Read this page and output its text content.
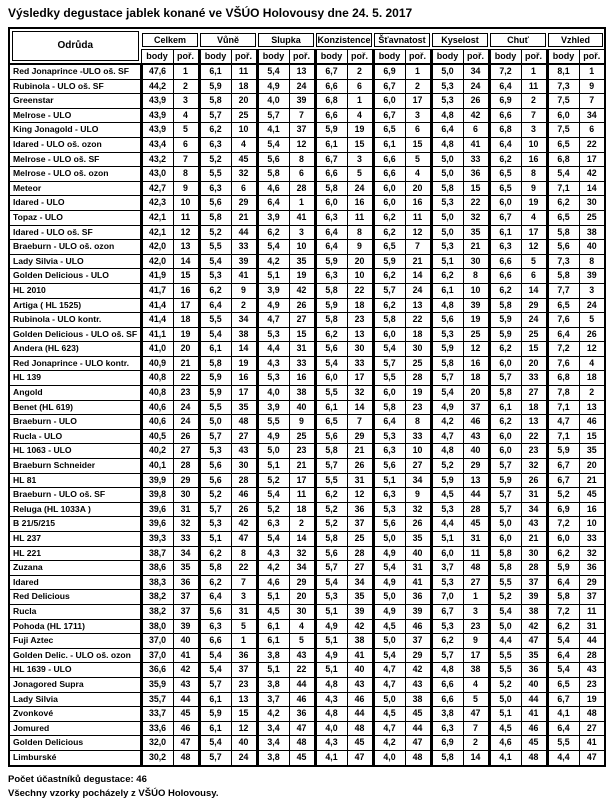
Výsledky degustace jablek konané ve VŠÚO Holovousy dne 24. 5. 2017
Odrůda	Celkem		Vůně		Slupka		Konzistence		Šťavnatost		Kyselost		Chuť		Vzhled	

	body	poř.	body	poř.	body	poř.	body	poř.	body	poř.	body	poř.	body	poř.	body	poř.
Red Jonaprince -ULO oš. SF	47,6	1	6,1	11	5,4	13	6,7	2	6,9	1	5,0	34	7,2	1	8,1	1
Rubinola - ULO oš. SF	44,2	2	5,9	18	4,9	24	6,6	6	6,7	2	5,3	24	6,4	11	7,3	9
Greenstar	43,9	3	5,8	20	4,0	39	6,8	1	6,0	17	5,3	26	6,9	2	7,5	7
Melrose - ULO	43,9	4	5,7	25	5,7	7	6,6	4	6,7	3	4,8	42	6,6	7	6,0	34
King Jonagold - ULO	43,9	5	6,2	10	4,1	37	5,9	19	6,5	6	6,4	6	6,8	3	7,5	6
Idared - ULO oš. ozon	43,4	6	6,3	4	5,4	12	6,1	15	6,1	15	4,8	41	6,4	10	6,5	22
Melrose - ULO oš. SF	43,2	7	5,2	45	5,6	8	6,7	3	6,6	5	5,0	33	6,2	16	6,8	17
Melrose - ULO oš. ozon	43,0	8	5,5	32	5,8	6	6,6	5	6,6	4	5,0	36	6,5	8	5,4	42
Meteor	42,7	9	6,3	6	4,6	28	5,8	24	6,0	20	5,8	15	6,5	9	7,1	14
Idared - ULO	42,3	10	5,6	29	6,4	1	6,0	16	6,0	16	5,3	22	6,0	19	6,2	30
Topaz - ULO	42,1	11	5,8	21	3,9	41	6,3	11	6,2	11	5,0	32	6,7	4	6,5	25
Idared - ULO oš. SF	42,1	12	5,2	44	6,2	3	6,4	8	6,2	12	5,0	35	6,1	17	5,8	38
Braeburn - ULO oš. ozon	42,0	13	5,5	33	5,4	10	6,4	9	6,5	7	5,3	21	6,3	12	5,6	40
Lady Silvia - ULO	42,0	14	5,4	39	4,2	35	5,9	20	5,9	21	5,1	30	6,6	5	7,3	8
Golden Delicious - ULO	41,9	15	5,3	41	5,1	19	6,3	10	6,2	14	6,2	8	6,6	6	5,8	39
HL 2010	41,7	16	6,2	9	3,9	42	5,8	22	5,7	24	6,1	10	6,2	14	7,7	3
Artiga ( HL 1525)	41,4	17	6,4	2	4,9	26	5,9	18	6,2	13	4,8	39	5,8	29	6,5	24
Rubinola - ULO kontr.	41,4	18	5,5	34	4,7	27	5,8	23	5,8	22	5,6	19	5,9	24	7,6	5
Golden Delicious - ULO oš. SF	41,1	19	5,4	38	5,3	15	6,2	13	6,0	18	5,3	25	5,9	25	6,4	26
Andera (HL 623)	41,0	20	6,1	14	4,4	31	5,6	30	5,4	30	5,9	12	6,2	15	7,2	12
Red Jonaprince - ULO kontr.	40,9	21	5,8	19	4,3	33	5,4	33	5,7	25	5,8	16	6,0	20	7,6	4
HL 139	40,8	22	5,9	16	5,3	16	6,0	17	5,5	28	5,7	18	5,7	33	6,8	18
Angold	40,8	23	5,9	17	4,0	38	5,5	32	6,0	19	5,4	20	5,8	27	7,8	2
Benet (HL 619)	40,6	24	5,5	35	3,9	40	6,1	14	5,8	23	4,9	37	6,1	18	7,1	13
Braeburn - ULO	40,6	24	5,0	48	5,5	9	6,5	7	6,4	8	4,2	46	6,2	13	4,7	46
Rucla - ULO	40,5	26	5,7	27	4,9	25	5,6	29	5,3	33	4,7	43	6,0	22	7,1	15
HL 1063 - ULO	40,2	27	5,3	43	5,0	23	5,8	21	6,3	10	4,8	40	6,0	23	5,9	35
Braeburn Schneider	40,1	28	5,6	30	5,1	21	5,7	26	5,6	27	5,2	29	5,7	32	6,7	20
HL 81	39,9	29	5,6	28	5,2	17	5,5	31	5,1	34	5,9	13	5,9	26	6,7	21
Braeburn - ULO oš. SF	39,8	30	5,2	46	5,4	11	6,2	12	6,3	9	4,5	44	5,7	31	5,2	45
Reluga (HL 1033A )	39,6	31	5,7	26	5,2	18	5,2	36	5,3	32	5,3	28	5,7	34	6,9	16
B 21/5/215	39,6	32	5,3	42	6,3	2	5,2	37	5,6	26	4,4	45	5,0	43	7,2	10
HL 237	39,3	33	5,1	47	5,4	14	5,8	25	5,0	35	5,1	31	6,0	21	6,0	33
HL 221	38,7	34	6,2	8	4,3	32	5,6	28	4,9	40	6,0	11	5,8	30	6,2	32
Zuzana	38,6	35	5,8	22	4,2	34	5,7	27	5,4	31	3,7	48	5,8	28	5,9	36
Idared	38,3	36	6,2	7	4,6	29	5,4	34	4,9	41	5,3	27	5,5	37	6,4	29
Red Delicious	38,2	37	6,4	3	5,1	20	5,3	35	5,0	36	7,0	1	5,2	39	5,8	37
Rucla	38,2	37	5,6	31	4,5	30	5,1	39	4,9	39	6,7	3	5,4	38	7,2	11
Pohoda (HL 1711)	38,0	39	6,3	5	6,1	4	4,9	42	4,5	46	5,3	23	5,0	42	6,2	31
Fuji Aztec	37,0	40	6,6	1	6,1	5	5,1	38	5,0	37	6,2	9	4,4	47	5,4	44
Golden Delic. - ULO oš. ozon	37,0	41	5,4	36	3,8	43	4,9	41	5,4	29	5,7	17	5,5	35	6,4	28
HL 1639 - ULO	36,6	42	5,4	37	5,1	22	5,1	40	4,7	42	4,8	38	5,5	36	5,4	43
Jonagored Supra	35,9	43	5,7	23	3,8	44	4,8	43	4,7	43	6,6	4	5,2	40	6,5	23
Lady Silvia	35,7	44	6,1	13	3,7	46	4,3	46	5,0	38	6,6	5	5,0	44	6,7	19
Zvonkové	33,7	45	5,9	15	4,2	36	4,8	44	4,5	45	3,8	47	5,1	41	4,1	48
Jomured	33,6	46	6,1	12	3,4	47	4,0	48	4,7	44	6,3	7	4,5	46	6,4	27
Golden Delicious	32,0	47	5,4	40	3,4	48	4,3	45	4,2	47	6,9	2	4,6	45	5,5	41
Limburské	30,2	48	5,7	24	3,8	45	4,1	47	4,0	48	5,8	14	4,1	48	4,4	47
Počet účastníků degustace: 46
Všechny vzorky pocházely z VŠÚO Holovousy.
